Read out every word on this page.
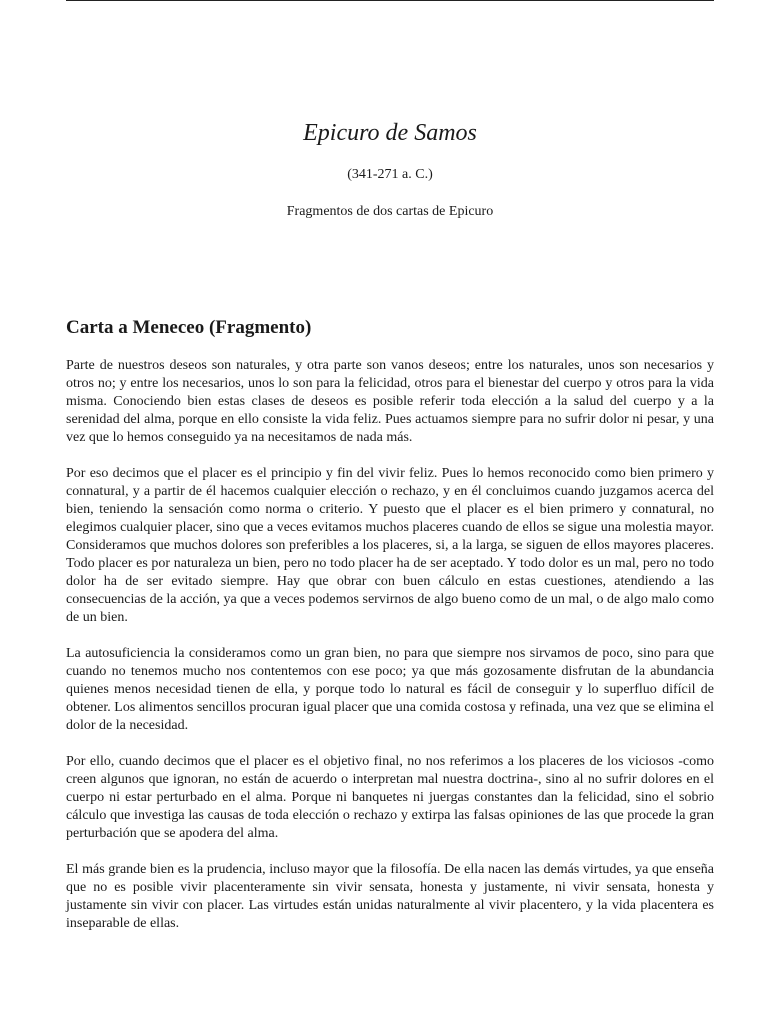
Epicuro de Samos

(341-271 a. C.)

Fragmentos de dos cartas de Epicuro

Carta a Meneceo (Fragmento)

Parte de nuestros deseos son naturales, y otra parte son vanos deseos; entre los naturales, unos son necesarios y otros no; y entre los necesarios, unos lo son para la felicidad, otros para el bienestar del cuerpo y otros para la vida misma. Conociendo bien estas clases de deseos es posible referir toda elección a la salud del cuerpo y a la serenidad del alma, porque en ello consiste la vida feliz. Pues actuamos siempre para no sufrir dolor ni pesar, y una vez que lo hemos conseguido ya na necesitamos de nada más.

Por eso decimos que el placer es el principio y fin del vivir feliz. Pues lo hemos reconocido como bien primero y connatural, y a partir de él hacemos cualquier elección o rechazo, y en él concluimos cuando juzgamos acerca del bien, teniendo la sensación como norma o criterio. Y puesto que el placer es el bien primero y connatural, no elegimos cualquier placer, sino que a veces evitamos muchos placeres cuando de ellos se sigue una molestia mayor. Consideramos que muchos dolores son preferibles a los placeres, si, a la larga, se siguen de ellos mayores placeres. Todo placer es por naturaleza un bien, pero no todo placer ha de ser aceptado. Y todo dolor es un mal, pero no todo dolor ha de ser evitado siempre. Hay que obrar con buen cálculo en estas cuestiones, atendiendo a las consecuencias de la acción, ya que a veces podemos servirnos de algo bueno como de un mal, o de algo malo como de un bien.

La autosuficiencia la consideramos como un gran bien, no para que siempre nos sirvamos de poco, sino para que cuando no tenemos mucho nos contentemos con ese poco; ya que más gozosamente disfrutan de la abundancia quienes menos necesidad tienen de ella, y porque todo lo natural es fácil de conseguir y lo superfluo difícil de obtener. Los alimentos sencillos procuran igual placer que una comida costosa y refinada, una vez que se elimina el dolor de la necesidad.

Por ello, cuando decimos que el placer es el objetivo final, no nos referimos a los placeres de los viciosos -como creen algunos que ignoran, no están de acuerdo o interpretan mal nuestra doctrina-, sino al no sufrir dolores en el cuerpo ni estar perturbado en el alma. Porque ni banquetes ni juergas constantes dan la felicidad, sino el sobrio cálculo que investiga las causas de toda elección o rechazo y extirpa las falsas opiniones de las que procede la gran perturbación que se apodera del alma.

El más grande bien es la prudencia, incluso mayor que la filosofía. De ella nacen las demás virtudes, ya que enseña que no es posible vivir placenteramente sin vivir sensata, honesta y justamente, ni vivir sensata, honesta y justamente sin vivir con placer. Las virtudes están unidas naturalmente al vivir placentero, y la vida placentera es inseparable de ellas.
